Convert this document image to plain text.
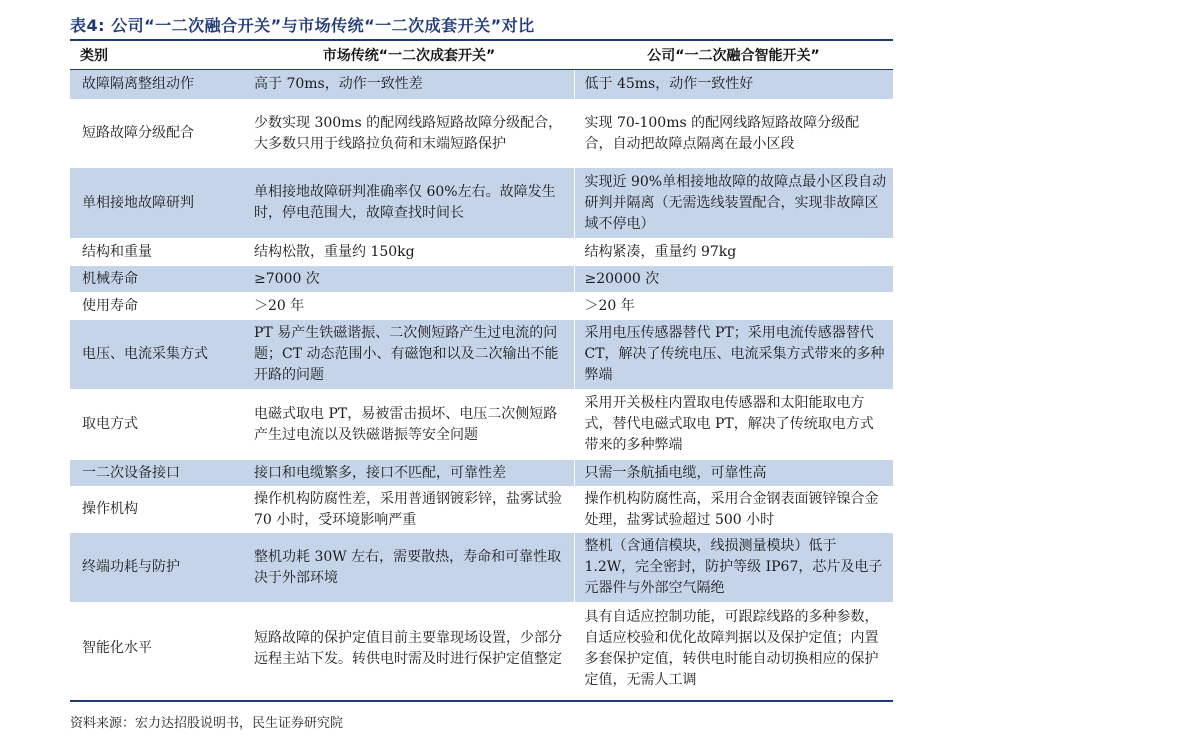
表4: 公司“一二次融合开关”与市场传统“一二次成套开关”对比
类别	市场传统“一二次成套开关”	公司“一二次融合智能开关”
故障隔离整组动作	高于 70ms，动作一致性差	低于 45ms，动作一致性好
短路故障分级配合	少数实现 300ms 的配网线路短路故障分级配合，大多数只用于线路拉负荷和末端短路保护	实现 70-100ms 的配网线路短路故障分级配合，自动把故障点隔离在最小区段
单相接地故障研判	单相接地故障研判准确率仅 60%左右。故障发生时，停电范围大，故障查找时间长	实现近 90%单相接地故障的故障点最小区段自动研判并隔离（无需选线装置配合，实现非故障区域不停电）
结构和重量	结构松散，重量约 150kg	结构紧凑，重量约 97kg
机械寿命	≥7000 次	≥20000 次
使用寿命	＞20 年	＞20 年
电压、电流采集方式	PT 易产生铁磁谐振、二次侧短路产生过电流的问题；CT 动态范围小、有磁饱和以及二次输出不能开路的问题	采用电压传感器替代 PT；采用电流传感器替代 CT，解决了传统电压、电流采集方式带来的多种弊端
取电方式	电磁式取电 PT，易被雷击损坏、电压二次侧短路产生过电流以及铁磁谐振等安全问题	采用开关极柱内置取电传感器和太阳能取电方式，替代电磁式取电 PT，解决了传统取电方式带来的多种弊端
一二次设备接口	接口和电缆繁多，接口不匹配，可靠性差	只需一条航插电缆，可靠性高
操作机构	操作机构防腐性差，采用普通钢镀彩锌，盐雾试验 70 小时，受环境影响严重	操作机构防腐性高，采用合金钢表面镀锌镍合金处理，盐雾试验超过 500 小时
终端功耗与防护	整机功耗 30W 左右，需要散热，寿命和可靠性取决于外部环境	整机（含通信模块，线损测量模块）低于 1.2W，完全密封，防护等级 IP67，芯片及电子元器件与外部空气隔绝
智能化水平	短路故障的保护定值目前主要靠现场设置，少部分远程主站下发。转供电时需及时进行保护定值整定	具有自适应控制功能，可跟踪线路的多种参数，自适应校验和优化故障判据以及保护定值；内置多套保护定值，转供电时能自动切换相应的保护定值，无需人工调
资料来源：宏力达招股说明书，民生证券研究院
